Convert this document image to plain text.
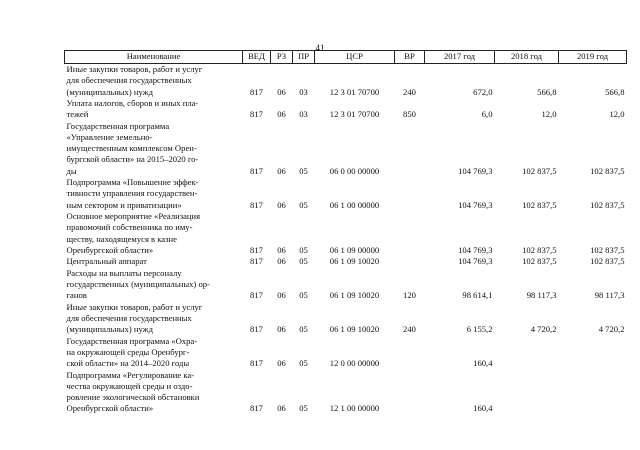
41
Наименование	ВЕД	РЗ	ПР	ЦСР	ВР	2017 год	2018 год	2019 год
Иные закупки товаров, работ и услуг
для обеспечения государственных
(муниципальных) нужд	817	06	03	12 3 01 70700	240	672,0	566,8	566,8
Уплата налогов, сборов и иных пла-
тежей	817	06	03	12 3 01 70700	850	6,0	12,0	12,0
Государственная программа
«Управление земельно-
имущественным комплексом Орен-
бургской области» на 2015–2020 го-
ды	817	06	05	06 0 00 00000		104 769,3	102 837,5	102 837,5
Подпрограмма «Повышение эффек-
тивности управления государствен-
ным сектором и приватизации»	817	06	05	06 1 00 00000		104 769,3	102 837,5	102 837,5
Основное мероприятие «Реализация
правомочий собственника по иму-
ществу, находящемуся в казне
Оренбургской области»	817	06	05	06 1 09 00000		104 769,3	102 837,5	102 837,5
Центральный аппарат	817	06	05	06 1 09 10020		104 769,3	102 837,5	102 837,5
Расходы на выплаты персоналу
государственных (муниципальных) ор-
ганов	817	06	05	06 1 09 10020	120	98 614,1	98 117,3	98 117,3
Иные закупки товаров, работ и услуг
для обеспечения государственных
(муниципальных) нужд	817	06	05	06 1 09 10020	240	6 155,2	4 720,2	4 720,2
Государственная программа «Охра-
на окружающей среды Оренбург-
ской области» на 2014–2020 годы	817	06	05	12 0 00 00000		160,4		
Подпрограмма «Регулирование ка-
чества окружающей среды и оздо-
ровление экологической обстановки
Оренбургской области»	817	06	05	12 1 00 00000		160,4		
